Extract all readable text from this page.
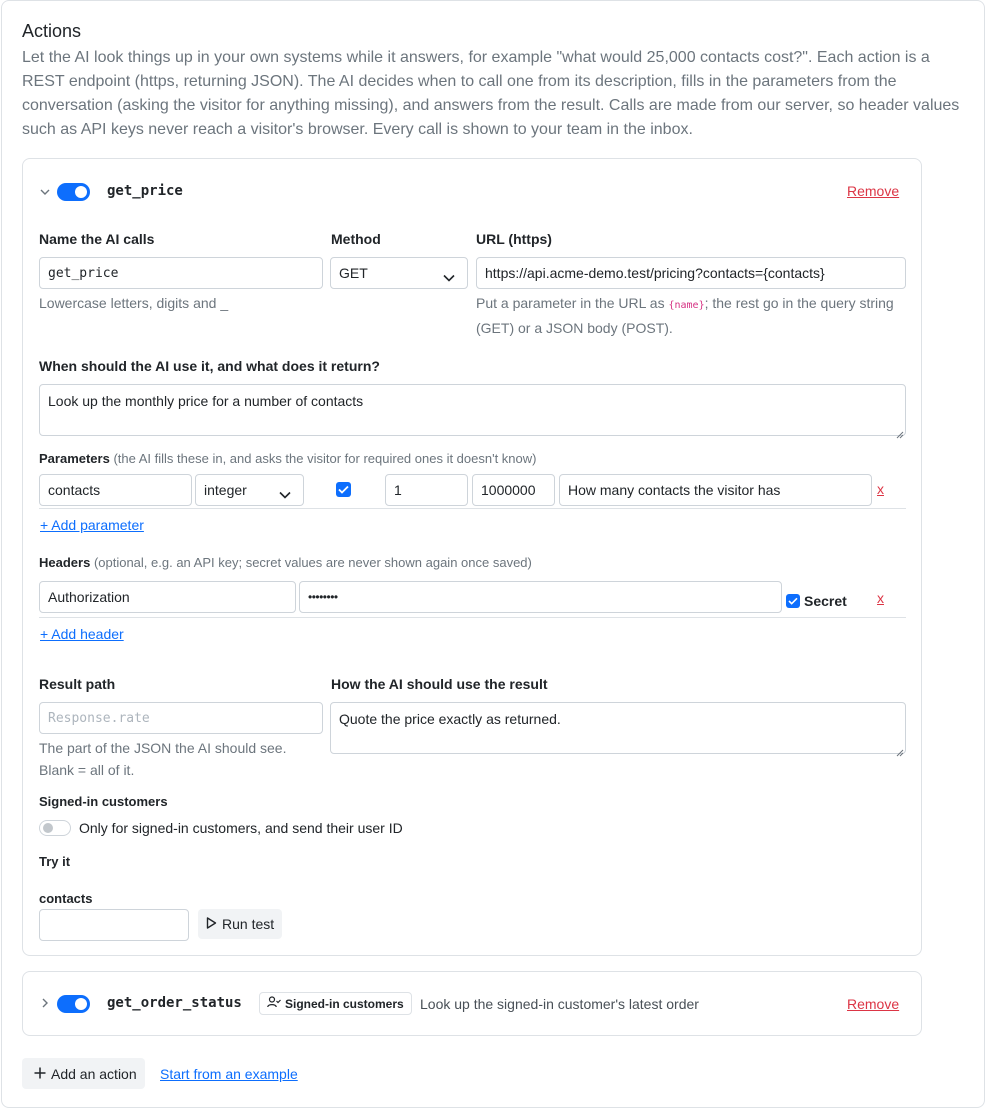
Actions
Let the AI look things up in your own systems while it answers, for example "what would 25,000 contacts cost?". Each action is a REST endpoint (https, returning JSON). The AI decides when to call one from its description, fills in the parameters from the conversation (asking the visitor for anything missing), and answers from the result. Calls are made from our server, so header values such as API keys never reach a visitor's browser. Every call is shown to your team in the inbox.
get_price	Remove
Name the AI calls	Method	URL (https)
get_price	GET	https://api.acme-demo.test/pricing?contacts={contacts}
Lowercase letters, digits and _	Put a parameter in the URL as {name}; the rest go in the query string (GET) or a JSON body (POST).
When should the AI use it, and what does it return?
Look up the monthly price for a number of contacts
Parameters (the AI fills these in, and asks the visitor for required ones it doesn't know)
contacts	integer	1	1000000	How many contacts the visitor has	x
+ Add parameter
Headers (optional, e.g. an API key; secret values are never shown again once saved)
Authorization	••••••••	Secret x
+ Add header
Result path	How the AI should use the result
Response.rate	Quote the price exactly as returned.
The part of the JSON the AI should see. Blank = all of it.
Signed-in customers
Only for signed-in customers, and send their user ID
Try it
contacts
Run test
get_order_status	Signed-in customers Look up the signed-in customer's latest order	Remove
Add an action Start from an example
